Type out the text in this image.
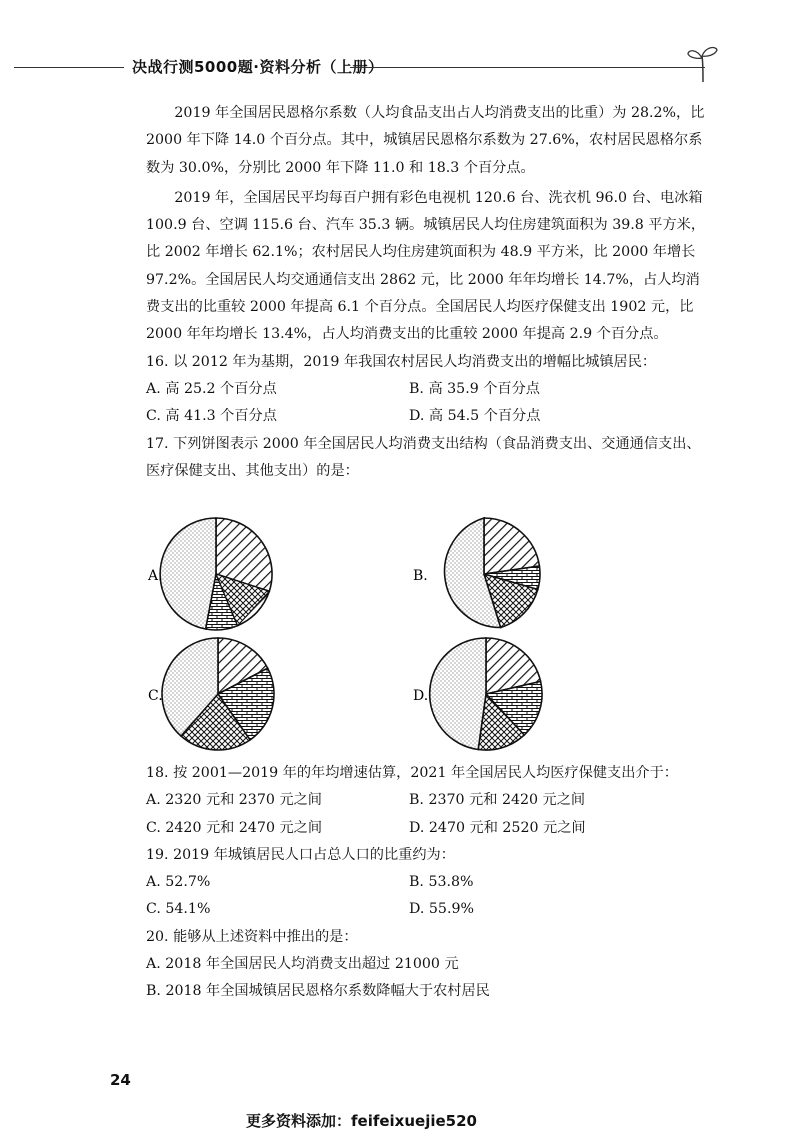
决战行测5000题·资料分析（上册）

2019 年全国居民恩格尔系数（人均食品支出占人均消费支出的比重）为 28.2%，比 2000 年下降 14.0 个百分点。其中，城镇居民恩格尔系数为 27.6%，农村居民恩格尔系数为 30.0%，分别比 2000 年下降 11.0 和 18.3 个百分点。

2019 年，全国居民平均每百户拥有彩色电视机 120.6 台、洗衣机 96.0 台、电冰箱 100.9 台、空调 115.6 台、汽车 35.3 辆。城镇居民人均住房建筑面积为 39.8 平方米，比 2002 年增长 62.1%；农村居民人均住房建筑面积为 48.9 平方米，比 2000 年增长 97.2%。全国居民人均交通通信支出 2862 元，比 2000 年年均增长 14.7%，占人均消费支出的比重较 2000 年提高 6.1 个百分点。全国居民人均医疗保健支出 1902 元，比 2000 年年均增长 13.4%，占人均消费支出的比重较 2000 年提高 2.9 个百分点。

16. 以 2012 年为基期，2019 年我国农村居民人均消费支出的增幅比城镇居民：

A. 高 25.2 个百分点	B. 高 35.9 个百分点
C. 高 41.3 个百分点	D. 高 54.5 个百分点

17. 下列饼图表示 2000 年全国居民人均消费支出结构（食品消费支出、交通通信支出、医疗保健支出、其他支出）的是：

A.	B.
C.	D.

18. 按 2001—2019 年的年均增速估算，2021 年全国居民人均医疗保健支出介于：

A. 2320 元和 2370 元之间	B. 2370 元和 2420 元之间
C. 2420 元和 2470 元之间	D. 2470 元和 2520 元之间

19. 2019 年城镇居民人口占总人口的比重约为：

A. 52.7%	B. 53.8%
C. 54.1%	D. 55.9%

20. 能够从上述资料中推出的是：

A. 2018 年全国居民人均消费支出超过 21000 元

B. 2018 年全国城镇居民恩格尔系数降幅大于农村居民

24
更多资料添加：feifeixuejie520
